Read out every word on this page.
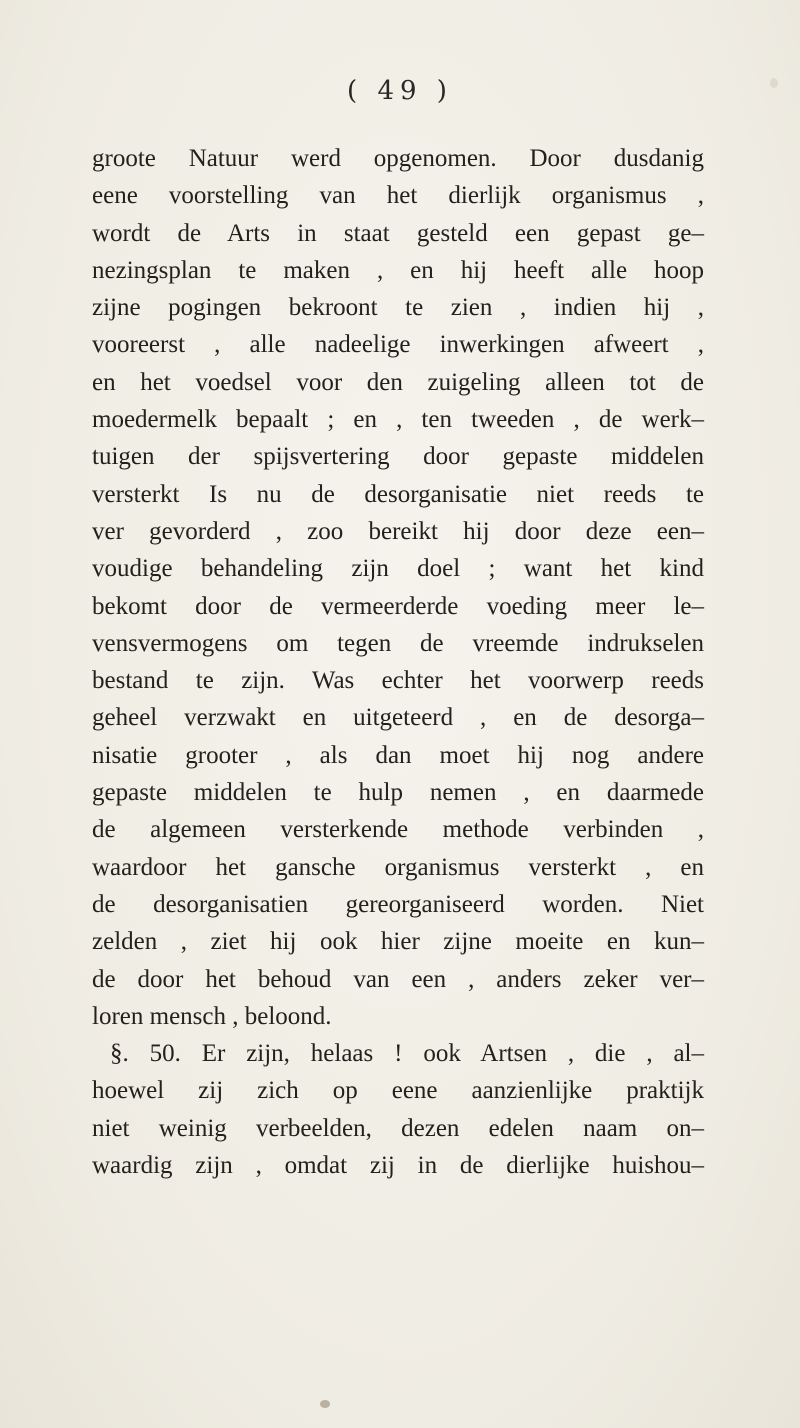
( 49 )
groote Natuur werd opgenomen. Door dusdanig
eene voorstelling van het dierlijk organismus ,
wordt de Arts in staat gesteld een gepast ge–
nezingsplan te maken , en hij heeft alle hoop
zijne pogingen bekroont te zien , indien hij ,
vooreerst , alle nadeelige inwerkingen afweert ,
en het voedsel voor den zuigeling alleen tot de
moedermelk bepaalt ; en , ten tweeden , de werk–
tuigen der spijsvertering door gepaste middelen
versterkt Is nu de desorganisatie niet reeds te
ver gevorderd , zoo bereikt hij door deze een–
voudige behandeling zijn doel ; want het kind
bekomt door de vermeerderde voeding meer le–
vensvermogens om tegen de vreemde indrukselen
bestand te zijn. Was echter het voorwerp reeds
geheel verzwakt en uitgeteerd , en de desorga–
nisatie grooter , als dan moet hij nog andere
gepaste middelen te hulp nemen , en daarmede
de algemeen versterkende methode verbinden ,
waardoor het gansche organismus versterkt , en
de desorganisatien gereorganiseerd worden. Niet
zelden , ziet hij ook hier zijne moeite en kun–
de door het behoud van een , anders zeker ver–
loren mensch , beloond.
§. 50. Er zijn, helaas ! ook Artsen , die , al–
hoewel zij zich op eene aanzienlijke praktijk
niet weinig verbeelden, dezen edelen naam on–
waardig zijn , omdat zij in de dierlijke huishou–
